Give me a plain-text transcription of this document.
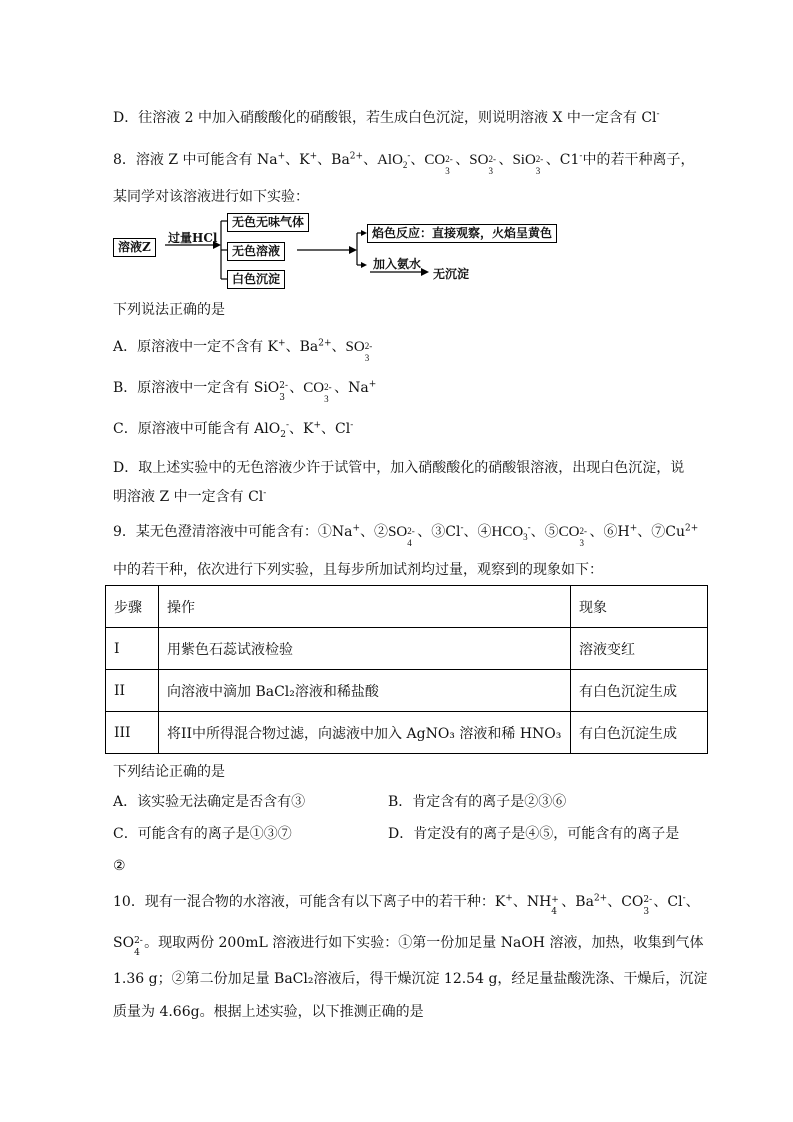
D．往溶液 2 中加入硝酸酸化的硝酸银，若生成白色沉淀，则说明溶液 X 中一定含有 Cl-
8．溶液 Z 中可能含有 Na+、K+、$Ba^{2+}$、AlO$_2$-、CO 2-
3
、SO 2-
3
、SiO 2-
3
、C1-中的若干种离子，
某同学对该溶液进行如下实验：
溶液Z
过量HCl
无色无味气体
无色溶液
白色沉淀
焰色反应：直接观察，火焰呈黄色
加入氨水
无沉淀
下列说法正确的是
A．原溶液中一定不含有 K+、$Ba^{2+}$、SO 2-
3
B．原溶液中一定含有 SiO 2-
3
、CO 2-
3
、Na+
C．原溶液中可能含有 AlO$_2$-、K+、Cl-
D．取上述实验中的无色溶液少许于试管中，加入硝酸酸化的硝酸银溶液，出现白色沉淀，说
明溶液 Z 中一定含有 Cl-
9．某无色澄清溶液中可能含有：①Na+、②SO 2-
4
、③Cl-、$④HCO_3^-$、⑤CO 2-
3
、⑥H+、$⑦Cu^{2+}$
中的若干种，依次进行下列实验，且每步所加试剂均过量，观察到的现象如下：
步骤	操作	现象
I	用紫色石蕊试液检验	溶液变红
II	向溶液中滴加 BaCl₂溶液和稀盐酸	有白色沉淀生成
III	将II中所得混合物过滤，向滤液中加入 AgNO₃ 溶液和稀 HNO₃	有白色沉淀生成
下列结论正确的是
A．该实验无法确定是否含有③	B．肯定含有的离子是②③⑥
C．可能含有的离子是①③⑦	D．肯定没有的离子是④⑤，可能含有的离子是
②
10．现有一混合物的水溶液，可能含有以下离子中的若干种：K+、NH +
4
、$Ba^{2+}$、CO 2-
3
、Cl-、
SO 2-
4
。现取两份 200mL 溶液进行如下实验：①第一份加足量 NaOH 溶液，加热，收集到气体
1.36 g；②第二份加足量 BaCl₂溶液后，得干燥沉淀 12.54 g，经足量盐酸洗涤、干燥后，沉淀
质量为 4.66g。根据上述实验，以下推测正确的是
